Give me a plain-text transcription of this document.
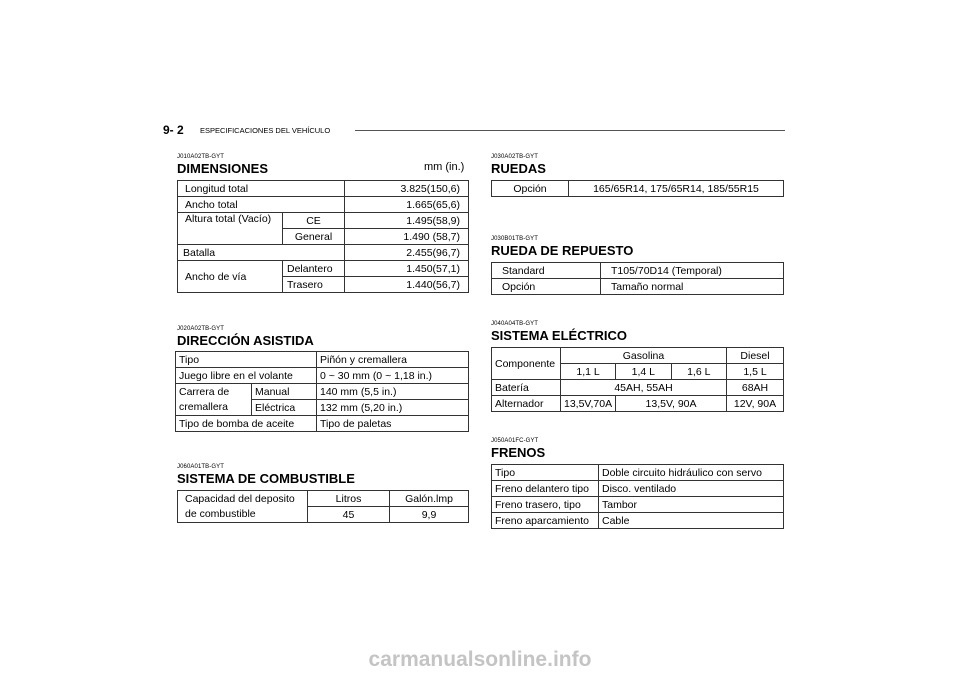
9- 2 ESPECIFICACIONES DEL VEHÍCULO
J010A02TB-GYT
DIMENSIONES	mm (in.)
Longitud total		3.825(150,6)
Ancho total		1.665(65,6)
Altura total (Vacío)	CE	1.495(58,9)
	General	1.490 (58,7)
Batalla		2.455(96,7)
Ancho de vía	Delantero	1.450(57,1)
	Trasero	1.440(56,7)
J020A02TB-GYT
DIRECCIÓN ASISTIDA
Tipo		Piñón y cremallera
Juego libre en el volante		0 ~ 30 mm (0 ~ 1,18 in.)
Carrera de	Manual	140 mm (5,5 in.)
cremallera	Eléctrica	132 mm (5,20 in.)
Tipo de bomba de aceite		Tipo de paletas
J060A01TB-GYT
SISTEMA DE COMBUSTIBLE
Capacidad del deposito	Litros	Galón.lmp
de combustible	45	9,9
J030A02TB-GYT
RUEDAS
Opción	165/65R14, 175/65R14, 185/55R15
J030B01TB-GYT
RUEDA DE REPUESTO
Standard	T105/70D14 (Temporal)
Opción	Tamaño normal
J040A04TB-GYT
SISTEMA ELÉCTRICO
Componente	Gasolina			Diesel
	1,1 L	1,4 L	1,6 L	1,5 L
Batería	45AH, 55AH			68AH
Alternador	13,5V,70A	13,5V, 90A		12V, 90A
J050A01FC-GYT
FRENOS
Tipo	Doble circuito hidráulico con servo
Freno delantero tipo	Disco. ventilado
Freno trasero, tipo	Tambor
Freno aparcamiento	Cable
carmanualsonline.info
